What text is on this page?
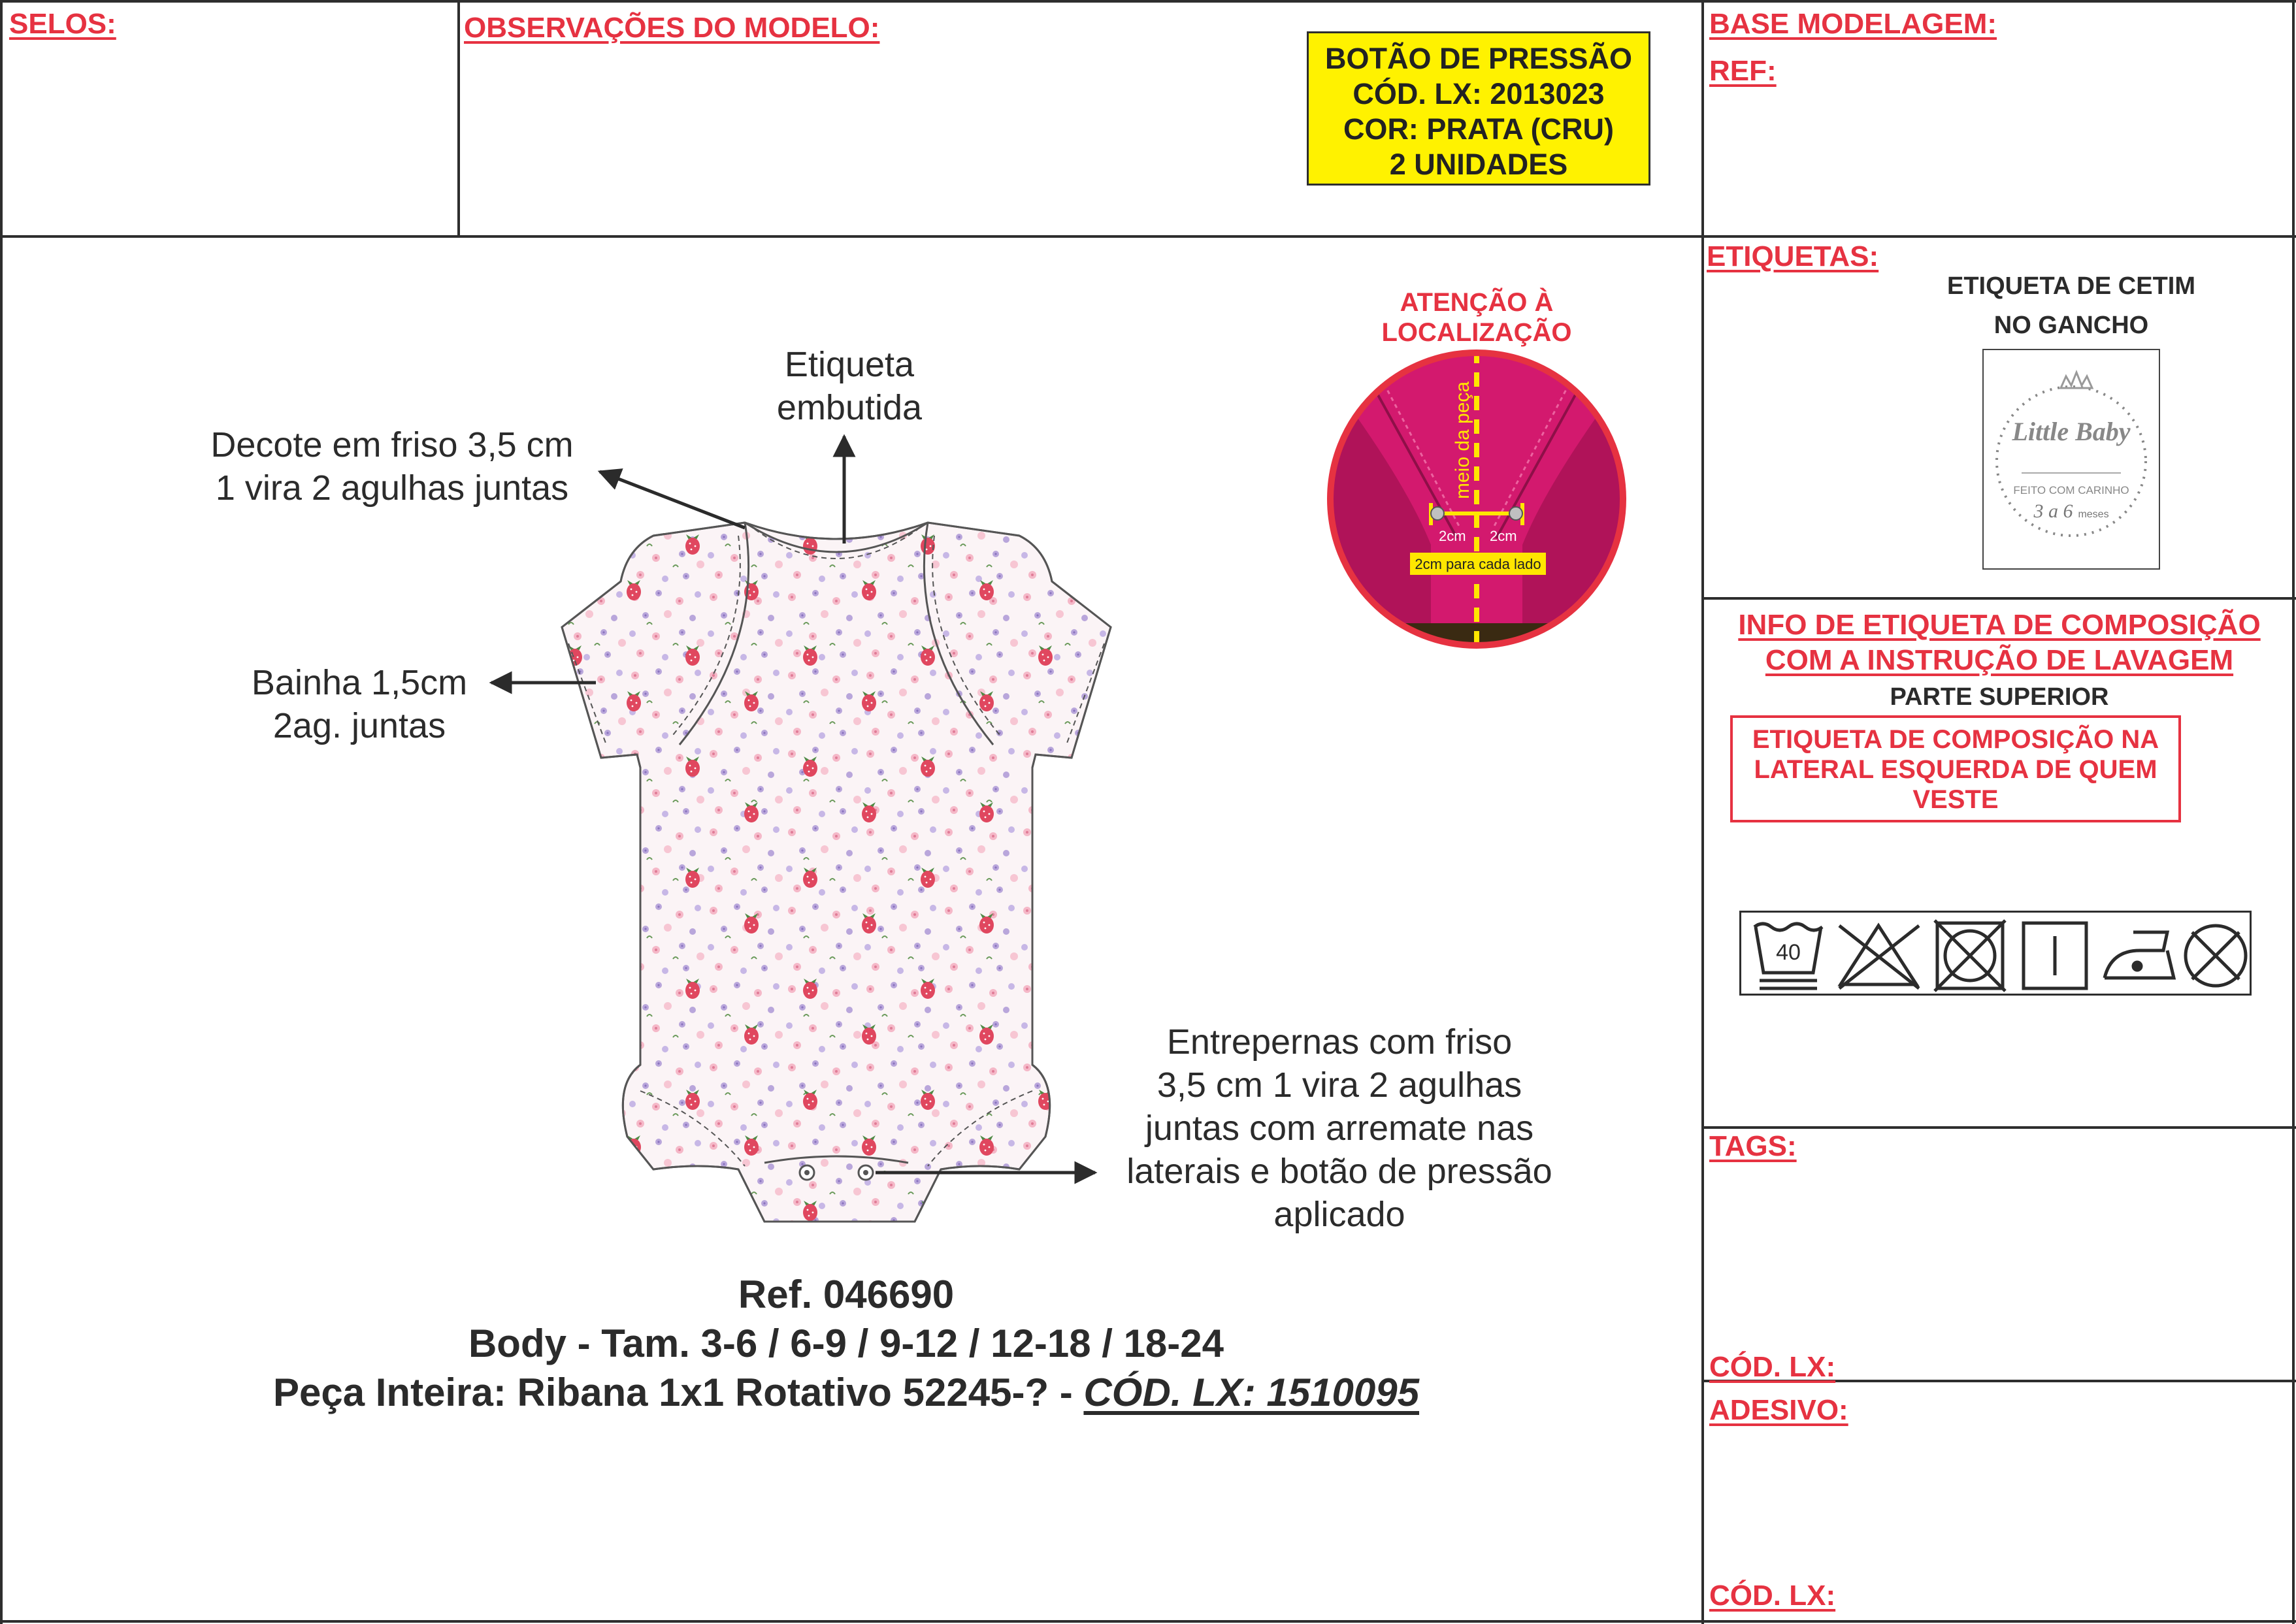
SELOS:	OBSERVAÇÕES DO MODELO:
BOTÃO DE PRESSÃO
CÓD. LX: 2013023
COR: PRATA (CRU)
2 UNIDADES
BASE MODELAGEM:
REF:
Etiqueta
embutida
Decote em friso 3,5 cm
1 vira 2 agulhas juntas
Bainha 1,5cm
2ag. juntas
Entrepernas com friso
3,5 cm 1 vira 2 agulhas
juntas com arremate nas
laterais e botão de pressão
aplicado
ATENÇÃO À
LOCALIZAÇÃO
meio da peça
2cm 2cm
2cm para cada lado
Ref. 046690
Body - Tam. 3-6 / 6-9 / 9-12 / 12-18 / 18-24
Peça Inteira: Ribana 1x1 Rotativo 52245-? - CÓD. LX: 1510095
ETIQUETAS:
ETIQUETA DE CETIM
NO GANCHO
Little Baby
FEITO COM CARINHO
3 a 6 meses
INFO DE ETIQUETA DE COMPOSIÇÃO
COM A INSTRUÇÃO DE LAVAGEM
PARTE SUPERIOR
ETIQUETA DE COMPOSIÇÃO NA
LATERAL ESQUERDA DE QUEM
VESTE
40
TAGS:
CÓD. LX:
ADESIVO:
CÓD. LX:
